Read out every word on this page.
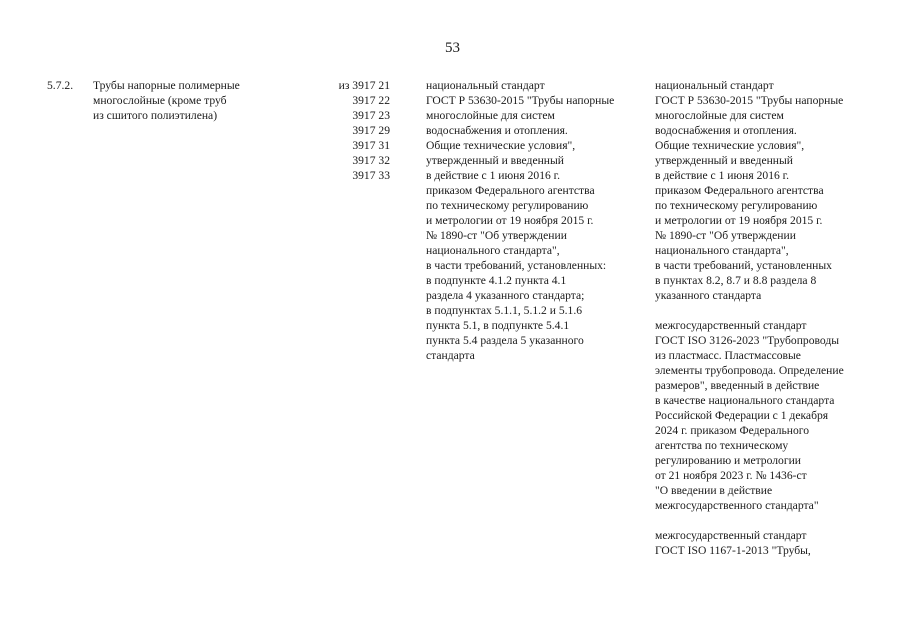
53
5.7.2. Трубы напорные полимерные
многослойные (кроме труб
из сшитого полиэтилена)
из 3917 21
3917 22
3917 23
3917 29
3917 31
3917 32
3917 33
национальный стандарт
ГОСТ Р 53630-2015 "Трубы напорные
многослойные для систем
водоснабжения и отопления.
Общие технические условия",
утвержденный и введенный
в действие с 1 июня 2016 г.
приказом Федерального агентства
по техническому регулированию
и метрологии от 19 ноября 2015 г.
№ 1890-ст "Об утверждении
национального стандарта",
в части требований, установленных:
в подпункте 4.1.2 пункта 4.1
раздела 4 указанного стандарта;
в подпунктах 5.1.1, 5.1.2 и 5.1.6
пункта 5.1, в подпункте 5.4.1
пункта 5.4 раздела 5 указанного
стандарта
национальный стандарт
ГОСТ Р 53630-2015 "Трубы напорные
многослойные для систем
водоснабжения и отопления.
Общие технические условия",
утвержденный и введенный
в действие с 1 июня 2016 г.
приказом Федерального агентства
по техническому регулированию
и метрологии от 19 ноября 2015 г.
№ 1890-ст "Об утверждении
национального стандарта",
в части требований, установленных
в пунктах 8.2, 8.7 и 8.8 раздела 8
указанного стандарта
межгосударственный стандарт
ГОСТ ISO 3126-2023 "Трубопроводы
из пластмасс. Пластмассовые
элементы трубопровода. Определение
размеров", введенный в действие
в качестве национального стандарта
Российской Федерации с 1 декабря
2024 г. приказом Федерального
агентства по техническому
регулированию и метрологии
от 21 ноября 2023 г. № 1436-ст
"О введении в действие
межгосударственного стандарта"
межгосударственный стандарт
ГОСТ ISO 1167-1-2013 "Трубы,
